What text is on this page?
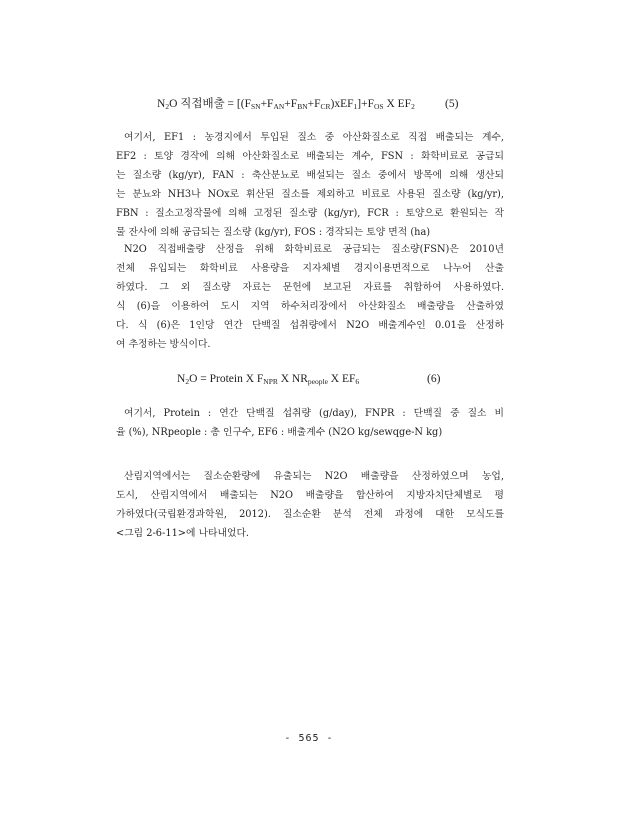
$N_2O$ 직접배출 = $[(F_{SN}+F_{AN}+F_{BN}+F_{CR})xEF_1]+F_{OS}$ X $EF_2$	(5)
여기서, EF1 : 농경지에서 투입된 질소 중 아산화질소로 직접 배출되는 계수,
EF2 : 토양 경작에 의해 아산화질소로 배출되는 계수, FSN : 화학비료로 공급되
는 질소량 (kg/yr), FAN : 축산분뇨로 배설되는 질소 중에서 방목에 의해 생산되
는 분뇨와 NH3나 NOx로 휘산된 질소를 제외하고 비료로 사용된 질소량 (kg/yr),
FBN : 질소고정작물에 의해 고정된 질소량 (kg/yr), FCR : 토양으로 환원되는 작
물 잔사에 의해 공급되는 질소량 (kg/yr), FOS : 경작되는 토양 면적 (ha)
N2O 직접배출량 산정을 위해 화학비료로 공급되는 질소량(FSN)은 2010년
전체 유입되는 화학비료 사용량을 지자체별 경지이용면적으로 나누어 산출
하였다. 그 외 질소량 자료는 문헌에 보고된 자료를 취합하여 사용하였다.
식 (6)을 이용하여 도시 지역 하수처리장에서 아산화질소 배출량을 산출하였
다. 식 (6)은 1인당 연간 단백질 섭취량에서 N2O 배출계수인 0.01을 산정하
여 추정하는 방식이다.
$N_2O$ = Protein X $F_{NPR}$ X $NR_{people}$ X $EF_6$	(6)
여기서, Protein : 연간 단백질 섭취량 (g/day), FNPR : 단백질 중 질소 비
율 (%), NRpeople : 총 인구수, EF6 : 배출계수 (N2O kg/sewqge-N kg)
산림지역에서는 질소순환량에 유출되는 N2O 배출량을 산정하였으며 농업,
도시, 산림지역에서 배출되는 N2O 배출량을 합산하여 지방자치단체별로 평
가하였다(국립환경과학원, 2012). 질소순환 분석 전체 과정에 대한 모식도를
<그림 2-6-11>에 나타내었다.
- 565 -
